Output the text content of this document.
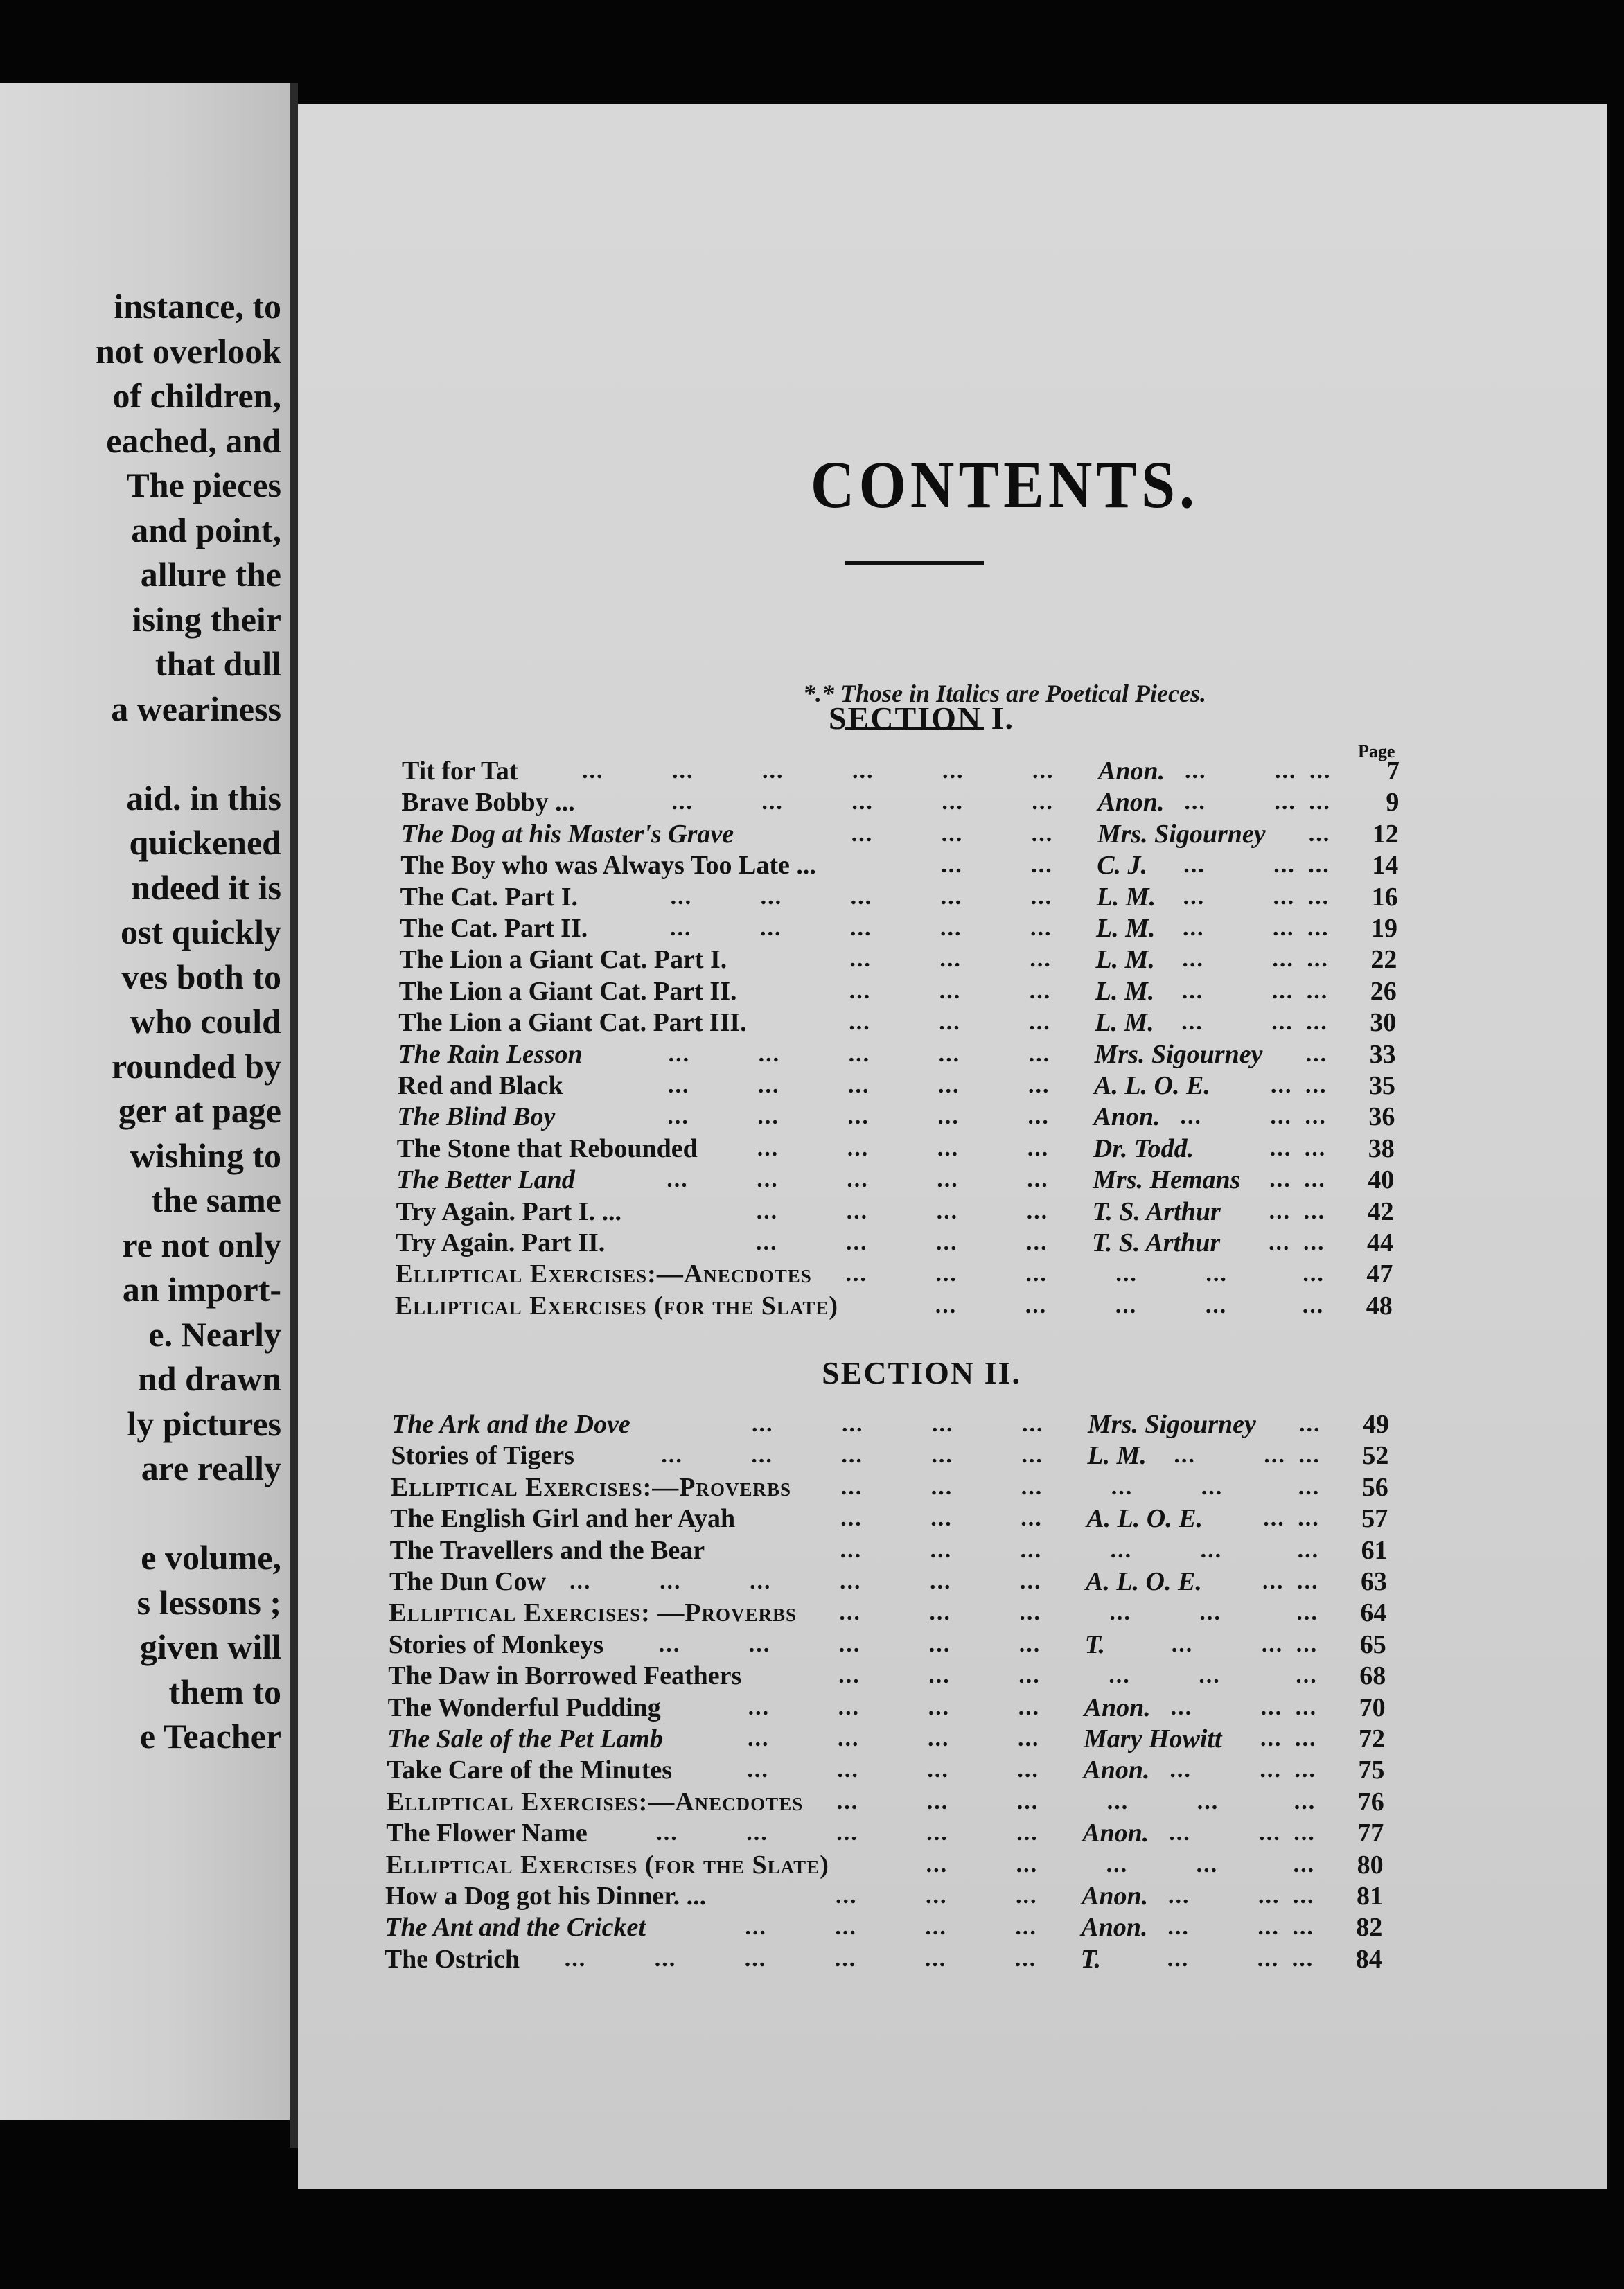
instance, to
not overlook
of children,
eached, and
The pieces
and point,
allure the
ising their
that dull
a weariness
aid. in this
quickened
ndeed it is
ost quickly
ves both to
who could
rounded by
ger at page
wishing to
the same
re not only
an import-
e. Nearly
nd drawn
ly pictures
are really
e volume,
s lessons ;
given will
them to
e Teacher
CONTENTS.
*.* Those in Italics are Poetical Pieces.
Page
SECTION I.
...	...	...	...	...	...	...	... ...
Tit for Tat	Anon.	7
...	...	...	...	...	...	... ...
Brave Bobby ...	Anon.	9
...	...	...	...
The Dog at his Master's Grave	Mrs. Sigourney	12
...	...	...	... ...
The Boy who was Always Too Late ...	C. J.	14
...	...	...	...	...	...	... ...
The Cat. Part I.	L. M.	16
...	...	...	...	...	...	... ...
The Cat. Part II.	L. M.	19
...	...	...	...	... ...
The Lion a Giant Cat. Part I.	L. M.	22
...	...	...	...	... ...
The Lion a Giant Cat. Part II.	L. M.	26
...	...	...	...	... ...
The Lion a Giant Cat. Part III.	L. M.	30
...	...	...	...	...	...
The Rain Lesson	Mrs. Sigourney	33
...	...	...	...	...	... ...
Red and Black	A. L. O. E.	35
...	...	...	...	...	...	... ...
The Blind Boy	Anon.	36
...	...	...	...	... ...
The Stone that Rebounded	Dr. Todd.	38
...	...	...	...	...	... ...
The Better Land	Mrs. Hemans	40
...	...	...	...	... ...
Try Again. Part I. ...	T. S. Arthur	42
...	...	...	...	... ...
Try Again. Part II.	T. S. Arthur	44
...	...	...	...	...	...
Elliptical Exercises:—Anecdotes	47
...	...	...	...	...
Elliptical Exercises (for the Slate)	48
SECTION II.
...	...	...	...	...
The Ark and the Dove	Mrs. Sigourney	49
...	...	...	...	...	...	... ...
Stories of Tigers	L. M.	52
...	...	...	...	...	...
Elliptical Exercises:—Proverbs	56
...	...	...	... ...
The English Girl and her Ayah	A. L. O. E.	57
...	...	...	...	...	...
The Travellers and the Bear	61
...	...	...	...	...	...	... ...
The Dun Cow	A. L. O. E.	63
...	...	...	...	...	...
Elliptical Exercises: —Proverbs	64
...	...	...	...	...	...	... ...
Stories of Monkeys	T.	65
...	...	...	...	...	...
The Daw in Borrowed Feathers	68
...	...	...	...	...	... ...
The Wonderful Pudding	Anon.	70
...	...	...	...	... ...
The Sale of the Pet Lamb	Mary Howitt	72
...	...	...	...	...	... ...
Take Care of the Minutes	Anon.	75
...	...	...	...	...	...
Elliptical Exercises:—Anecdotes	76
...	...	...	...	...	...	... ...
The Flower Name	Anon.	77
...	...	...	...	...
Elliptical Exercises (for the Slate)	80
...	...	...	...	... ...
How a Dog got his Dinner. ...	Anon.	81
...	...	...	...	...	... ...
The Ant and the Cricket	Anon.	82
...	...	...	...	...	...	...	... ...
The Ostrich	T.	84
